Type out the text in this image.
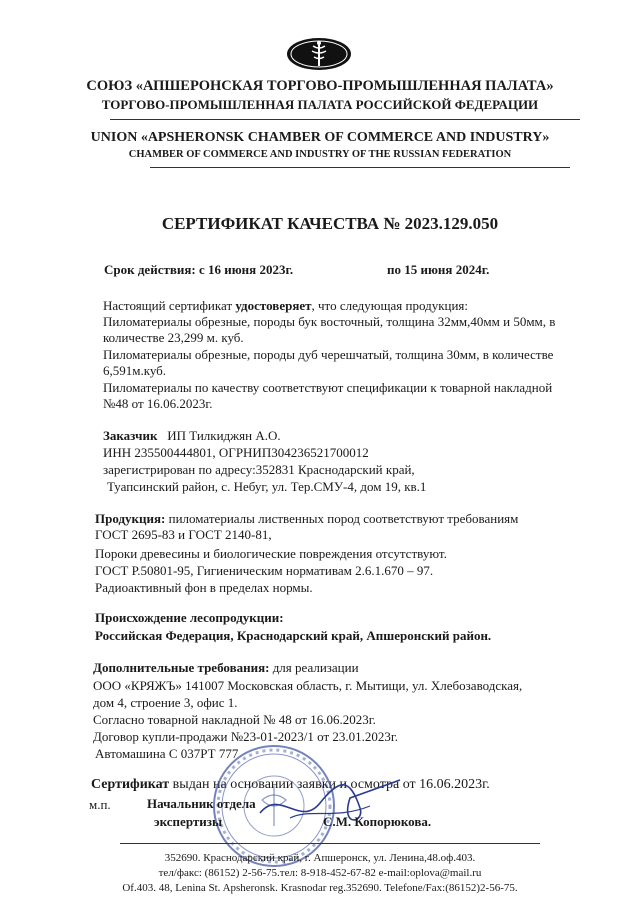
СОЮЗ «АПШЕРОНСКАЯ ТОРГОВО-ПРОМЫШЛЕННАЯ ПАЛАТА»
ТОРГОВО-ПРОМЫШЛЕННАЯ ПАЛАТА РОССИЙСКОЙ ФЕДЕРАЦИИ
UNION «APSHERONSK CHAMBER OF COMMERCE AND INDUSTRY»
CHAMBER OF COMMERCE AND INDUSTRY OF THE RUSSIAN FEDERATION
СЕРТИФИКАТ КАЧЕСТВА № 2023.129.050
Срок действия: с 16 июня 2023г.	по 15 июня 2024г.
Настоящий сертификат удостоверяет, что следующая продукция:
Пиломатериалы обрезные, породы бук восточный, толщина 32мм,40мм и 50мм, в
количестве 23,299 м. куб.
Пиломатериалы обрезные, породы дуб черешчатый, толщина 30мм, в количестве
6,591м.куб.
Пиломатериалы по качеству соответствуют спецификации к товарной накладной
№48 от 16.06.2023г.
Заказчик ИП Тилкиджян А.О.
ИНН 235500444801, ОГРНИП304236521700012
зарегистрирован по адресу:352831 Краснодарский край,
Туапсинский район, с. Небуг, ул. Тер.СМУ-4, дом 19, кв.1
Продукция: пиломатериалы лиственных пород соответствуют требованиям
ГОСТ 2695-83 и ГОСТ 2140-81,
Пороки древесины и биологические повреждения отсутствуют.
ГОСТ Р.50801-95, Гигиеническим нормативам 2.6.1.670 – 97.
Радиоактивный фон в пределах нормы.
Происхождение лесопродукции:
Российская Федерация, Краснодарский край, Апшеронский район.
Дополнительные требования: для реализации
ООО «КРЯЖЪ» 141007 Московская область, г. Мытищи, ул. Хлебозаводская,
дом 4, строение 3, офис 1.
Согласно товарной накладной № 48 от 16.06.2023г.
Договор купли-продажи №23-01-2023/1 от 23.01.2023г.
Автомашина С 037РТ 777
Сертификат выдан на основании заявки и осмотра от 16.06.2023г.
м.п.	Начальник отдела
экспертизы	С.М. Копорюкова.
352690. Краснодарский край, г. Апшеронск, ул. Ленина,48.оф.403.
тел/факс: (86152) 2-56-75.тел: 8-918-452-67-82 e-mail:oplova@mail.ru
Of.403. 48, Lenina St. Apsheronsk. Krasnodar reg.352690. Telefone/Fax:(86152)2-56-75.
